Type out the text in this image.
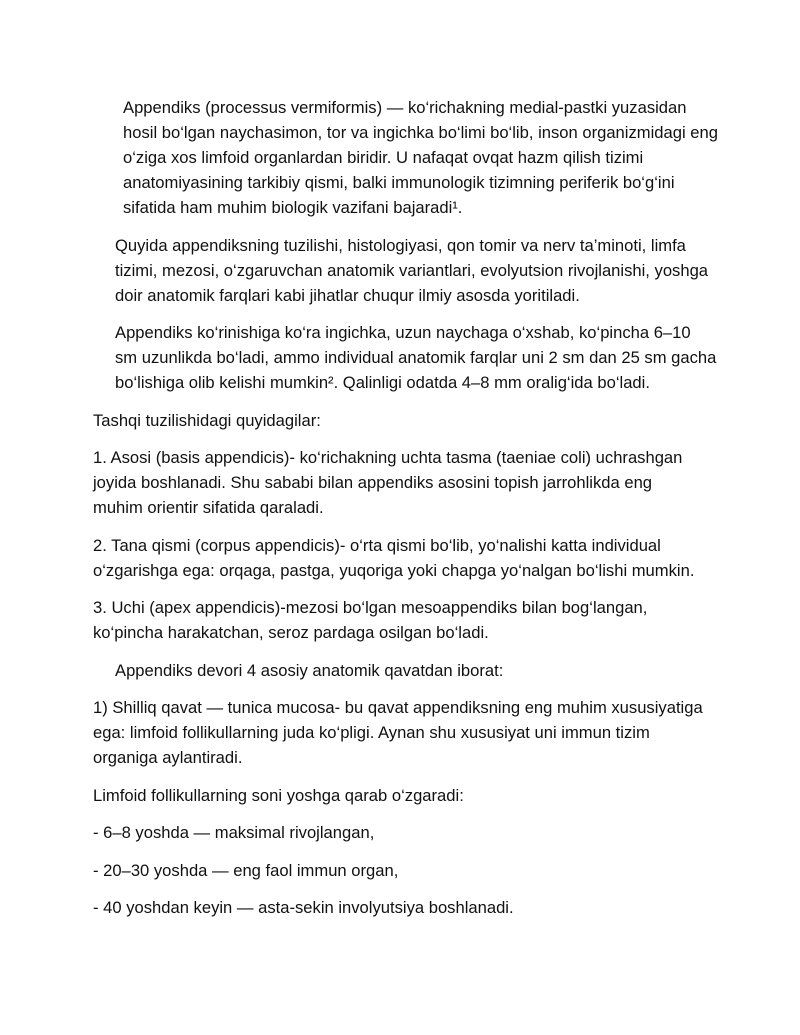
Appendiks (processus vermiformis) — ko‘richakning medial-pastki yuzasidan
hosil bo‘lgan naychasimon, tor va ingichka bo‘limi bo‘lib, inson organizmidagi eng
o‘ziga xos limfoid organlardan biridir. U nafaqat ovqat hazm qilish tizimi
anatomiyasining tarkibiy qismi, balki immunologik tizimning periferik bo‘g‘ini
sifatida ham muhim biologik vazifani bajaradi¹.

Quyida appendiksning tuzilishi, histologiyasi, qon tomir va nerv ta’minoti, limfa
tizimi, mezosi, o‘zgaruvchan anatomik variantlari, evolyutsion rivojlanishi, yoshga
doir anatomik farqlari kabi jihatlar chuqur ilmiy asosda yoritiladi.

Appendiks ko‘rinishiga ko‘ra ingichka, uzun naychaga o‘xshab, ko‘pincha 6–10
sm uzunlikda bo‘ladi, ammo individual anatomik farqlar uni 2 sm dan 25 sm gacha
bo‘lishiga olib kelishi mumkin². Qalinligi odatda 4–8 mm oralig‘ida bo‘ladi.

Tashqi tuzilishidagi quyidagilar:

1. Asosi (basis appendicis)- ko‘richakning uchta tasma (taeniae coli) uchrashgan
joyida boshlanadi. Shu sababi bilan appendiks asosini topish jarrohlikda eng
muhim orientir sifatida qaraladi.

2. Tana qismi (corpus appendicis)- o‘rta qismi bo‘lib, yo‘nalishi katta individual
o‘zgarishga ega: orqaga, pastga, yuqoriga yoki chapga yo‘nalgan bo‘lishi mumkin.

3. Uchi (apex appendicis)-mezosi bo‘lgan mesoappendiks bilan bog‘langan,
ko‘pincha harakatchan, seroz pardaga osilgan bo‘ladi.

Appendiks devori 4 asosiy anatomik qavatdan iborat:

1) Shilliq qavat — tunica mucosa- bu qavat appendiksning eng muhim xususiyatiga
ega: limfoid follikullarning juda ko‘pligi. Aynan shu xususiyat uni immun tizim
organiga aylantiradi.

Limfoid follikullarning soni yoshga qarab o‘zgaradi:

- 6–8 yoshda — maksimal rivojlangan,

- 20–30 yoshda — eng faol immun organ,

- 40 yoshdan keyin — asta-sekin involyutsiya boshlanadi.
